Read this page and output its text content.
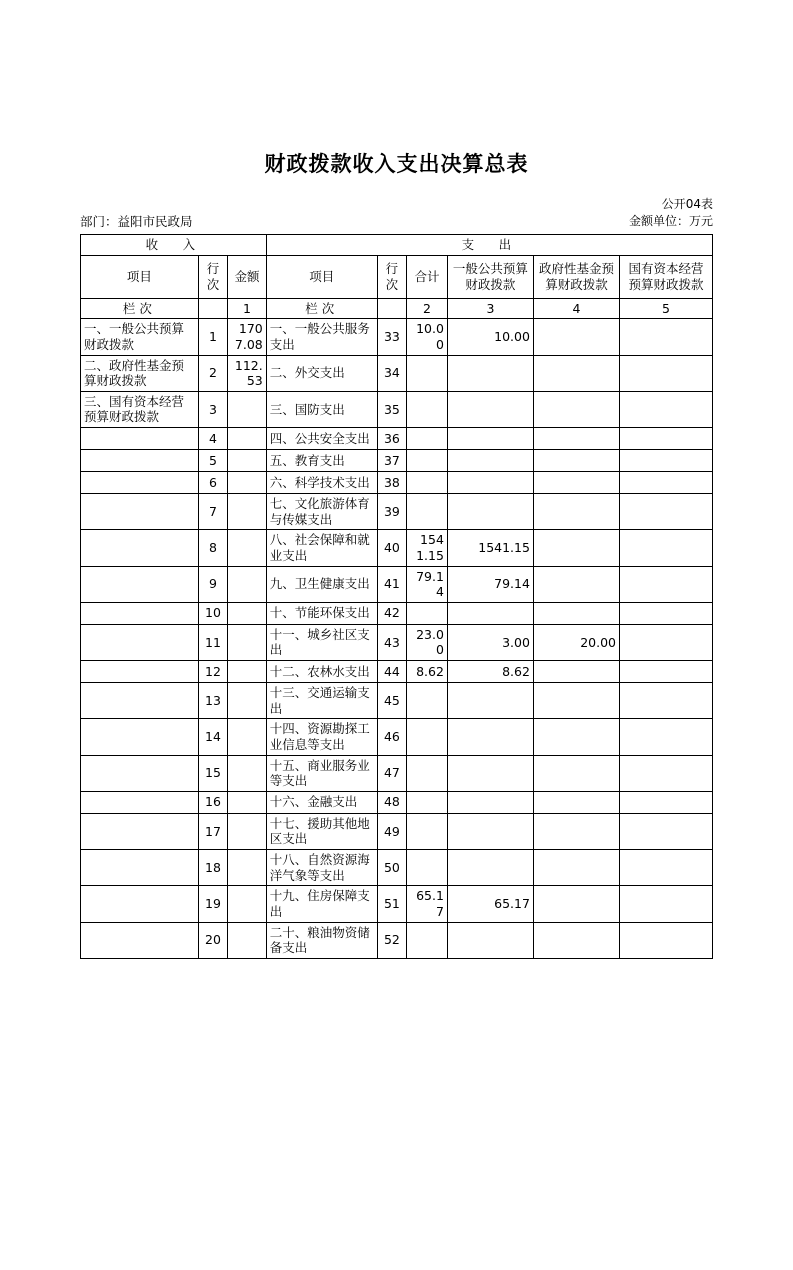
财政拨款收入支出决算总表
公开04表
部门：益阳市民政局	金额单位：万元
收　入			支　出					
项目	行次	金额	项目	行次	合计	一般公共预算财政拨款	政府性基金预算财政拨款	国有资本经营预算财政拨款
栏次		1	栏次		2	3	4	5
一、一般公共预算财政拨款	1	1707.08	一、一般公共服务支出	33	10.00	10.00		
二、政府性基金预算财政拨款	2	112.53	二、外交支出	34				
三、国有资本经营预算财政拨款	3		三、国防支出	35				
	4		四、公共安全支出	36				
	5		五、教育支出	37				
	6		六、科学技术支出	38				
	7		七、文化旅游体育与传媒支出	39				
	8		八、社会保障和就业支出	40	1541.15	1541.15		
	9		九、卫生健康支出	41	79.14	79.14		
	10		十、节能环保支出	42				
	11		十一、城乡社区支出	43	23.00	3.00	20.00	
	12		十二、农林水支出	44	8.62	8.62		
	13		十三、交通运输支出	45				
	14		十四、资源勘探工业信息等支出	46				
	15		十五、商业服务业等支出	47				
	16		十六、金融支出	48				
	17		十七、援助其他地区支出	49				
	18		十八、自然资源海洋气象等支出	50				
	19		十九、住房保障支出	51	65.17	65.17		
	20		二十、粮油物资储备支出	52				
